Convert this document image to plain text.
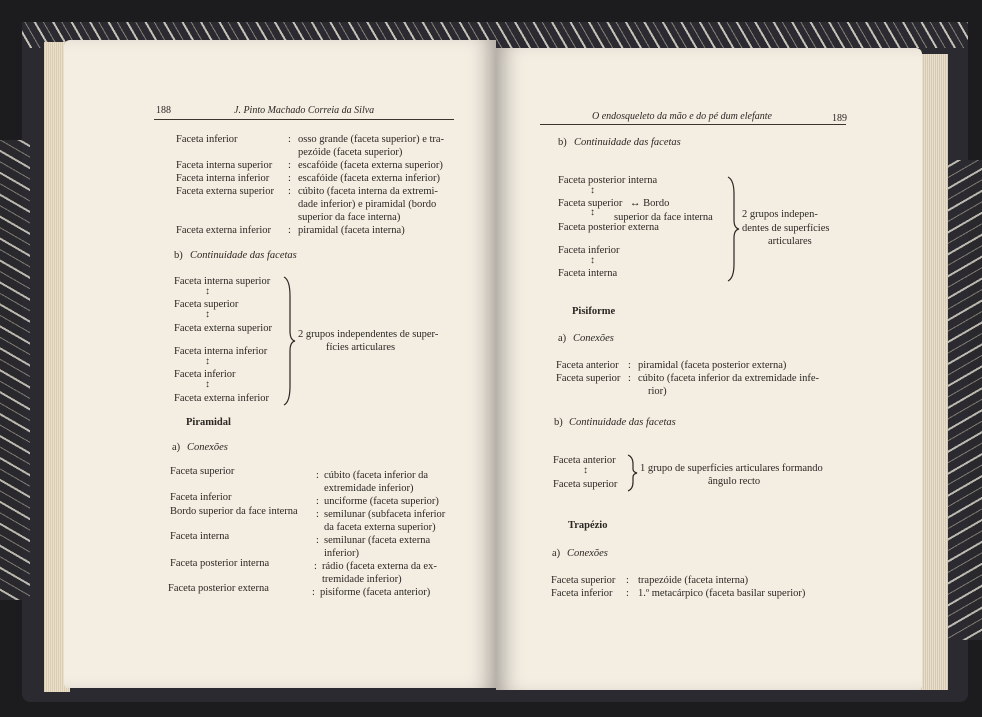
188	J. Pinto Machado Correia da Silva
Faceta inferior	: osso grande (faceta superior) e tra-
pezóide (faceta superior)
Faceta interna superior : escafóide (faceta externa superior)
Faceta interna inferior : escafóide (faceta externa inferior)
Faceta externa superior : cúbito (faceta interna da extremi-
dade inferior) e piramidal (bordo
superior da face interna)
Faceta externa inferior : piramidal (faceta interna)
b) Continuidade das facetas
Faceta interna superior
↕
Faceta superior
↕
Faceta externa superior
Faceta interna inferior
↕
Faceta inferior
↕
Faceta externa inferior
2 grupos independentes de super-
fícies articulares
Piramidal
a) Conexões
Faceta superior	: cúbito (faceta inferior da
extremidade inferior)
Faceta inferior	: unciforme (faceta superior)
Bordo superior da face interna : semilunar (subfaceta inferior
da faceta externa superior)
Faceta interna	: semilunar (faceta externa
inferior)
Faceta posterior interna	: rádio (faceta externa da ex-
tremidade inferior)
Faceta posterior externa	: pisiforme (faceta anterior)
O endosqueleto da mão e do pé dum elefante	189
b) Continuidade das facetas
Faceta posterior interna
↕
Faceta superior ↔ Bordo
↕ superior da face interna
Faceta posterior externa
Faceta inferior
↕
Faceta interna
2 grupos indepen-
dentes de superfícies
articulares
Pisiforme
a) Conexões
Faceta anterior : piramidal (faceta posterior externa)
Faceta superior : cúbito (faceta inferior da extremidade infe-
rior)
b) Continuidade das facetas
Faceta anterior
↕
Faceta superior
1 grupo de superfícies articulares formando
ângulo recto
Trapézio
a) Conexões
Faceta superior : trapezóide (faceta interna)
Faceta inferior : 1.º metacárpico (faceta basilar superior)
